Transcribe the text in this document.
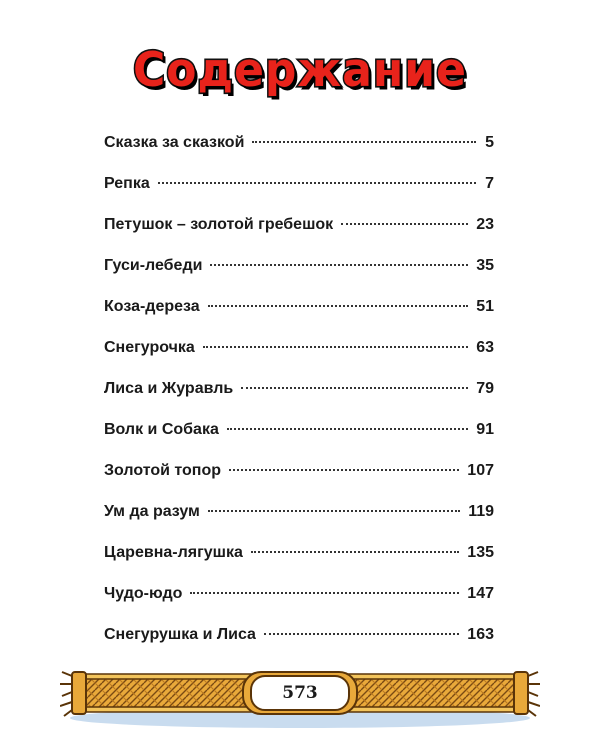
Содержание
Сказка за сказкой	5
Репка	7
Петушок – золотой гребешок	23
Гуси-лебеди	35
Коза-дереза	51
Снегурочка	63
Лиса и Журавль	79
Волк и Собака	91
Золотой топор	107
Ум да разум	119
Царевна-лягушка	135
Чудо-юдо	147
Снегурушка и Лиса	163
573
